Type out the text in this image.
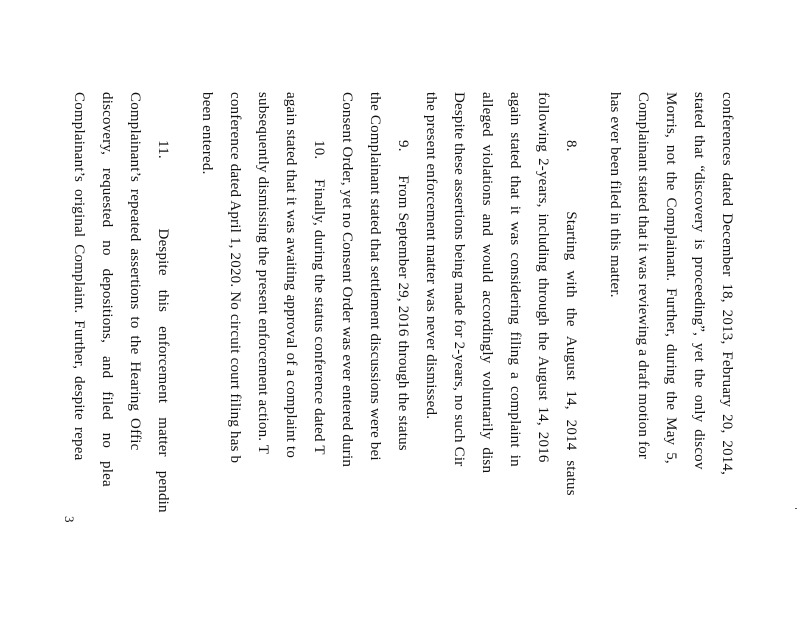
conferences dated December 18, 2013, February 20, 2014,
stated that “discovery is proceeding”, yet the only discov
Morris, not the Complainant. Further, during the May 5,
Complainant stated that it was reviewing a draft motion for
has ever been filed in this matter.
8.      Starting with the August 14, 2014 status
following 2-years, including through the August 14, 2016
again stated that it was considering filing a complaint in
alleged violations and would accordingly voluntarily disn
Despite these assertions being made for 2-years, no such Cir
the present enforcement matter was never dismissed.
9.      From September 29, 2016 through the status
the Complainant stated that settlement discussions were bei
Consent Order, yet no Consent Order was ever entered durin
10.     Finally, during the status conference dated T
again stated that it was awaiting approval of a complaint to
subsequently dismissing the present enforcement action. T
conference dated April 1, 2020. No circuit court filing has b
been entered.
11.     Despite this enforcement matter pendin
Complainant’s repeated assertions to the Hearing Offic
discovery, requested no depositions, and filed no plea
Complainant’s original Complaint. Further, despite repea
3
